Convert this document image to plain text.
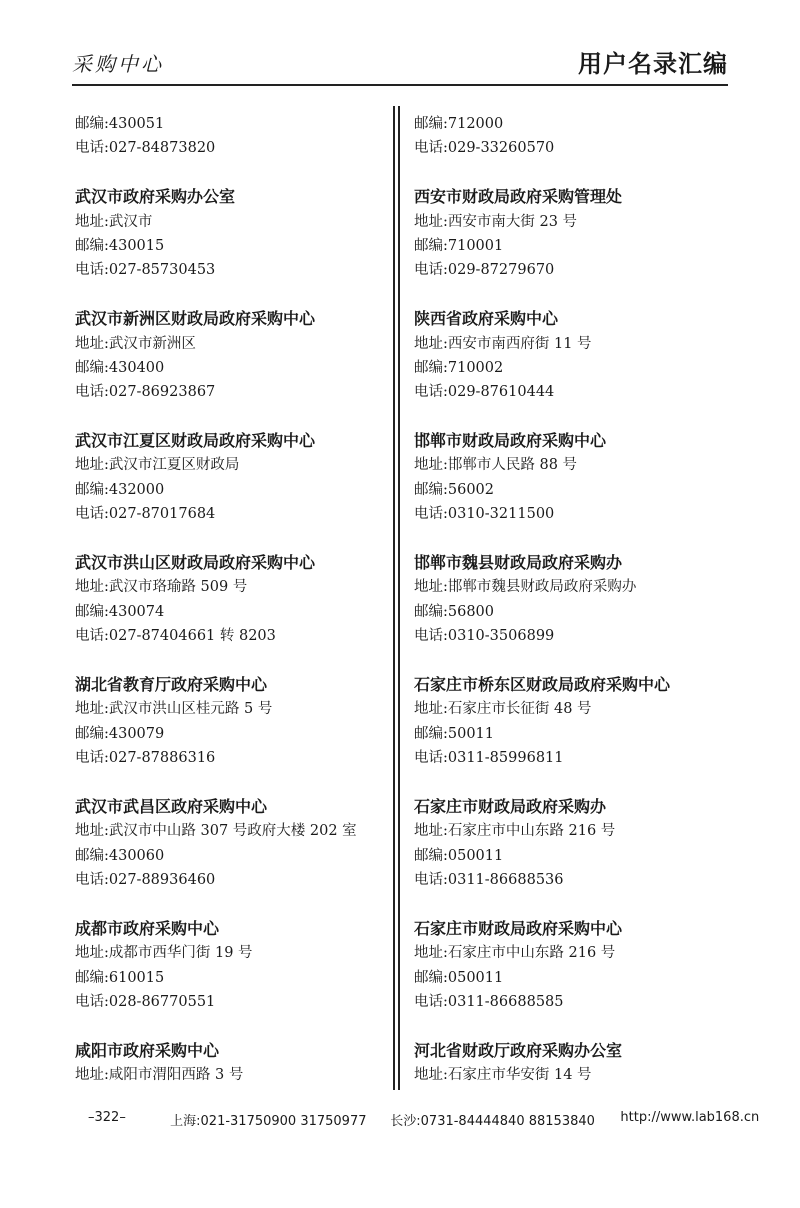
采购中心	用户名录汇编
邮编:430051
电话:027-84873820
武汉市政府采购办公室
地址:武汉市
邮编:430015
电话:027-85730453
武汉市新洲区财政局政府采购中心
地址:武汉市新洲区
邮编:430400
电话:027-86923867
武汉市江夏区财政局政府采购中心
地址:武汉市江夏区财政局
邮编:432000
电话:027-87017684
武汉市洪山区财政局政府采购中心
地址:武汉市珞瑜路 509 号
邮编:430074
电话:027-87404661 转 8203
湖北省教育厅政府采购中心
地址:武汉市洪山区桂元路 5 号
邮编:430079
电话:027-87886316
武汉市武昌区政府采购中心
地址:武汉市中山路 307 号政府大楼 202 室
邮编:430060
电话:027-88936460
成都市政府采购中心
地址:成都市西华门街 19 号
邮编:610015
电话:028-86770551
咸阳市政府采购中心
地址:咸阳市渭阳西路 3 号
邮编:712000
电话:029-33260570
西安市财政局政府采购管理处
地址:西安市南大街 23 号
邮编:710001
电话:029-87279670
陕西省政府采购中心
地址:西安市南西府街 11 号
邮编:710002
电话:029-87610444
邯郸市财政局政府采购中心
地址:邯郸市人民路 88 号
邮编:56002
电话:0310-3211500
邯郸市魏县财政局政府采购办
地址:邯郸市魏县财政局政府采购办
邮编:56800
电话:0310-3506899
石家庄市桥东区财政局政府采购中心
地址:石家庄市长征街 48 号
邮编:50011
电话:0311-85996811
石家庄市财政局政府采购办
地址:石家庄市中山东路 216 号
邮编:050011
电话:0311-86688536
石家庄市财政局政府采购中心
地址:石家庄市中山东路 216 号
邮编:050011
电话:0311-86688585
河北省财政厅政府采购办公室
地址:石家庄市华安街 14 号
–322–	上海:021-31750900 31750977 长沙:0731-84444840 88153840 http://www.lab168.cn
